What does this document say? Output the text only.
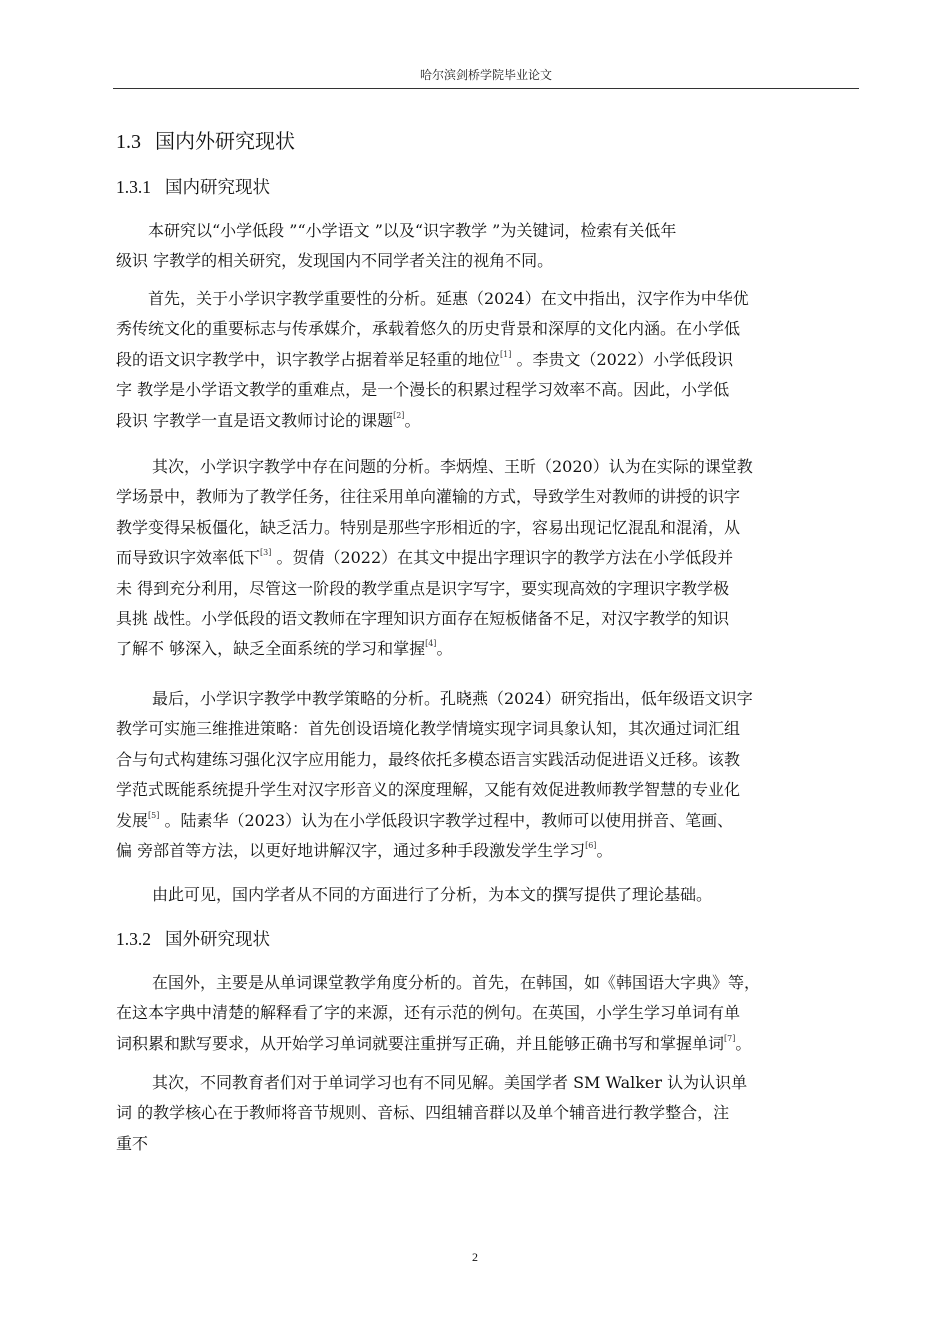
哈尔滨剑桥学院毕业论文
1.3 国内外研究现状
1.3.1 国内研究现状
本研究以“小学低段 ”“小学语文 ”以及“识字教学 ”为关键词，检索有关低年
级识 字教学的相关研究，发现国内不同学者关注的视角不同。
首先，关于小学识字教学重要性的分析。延惠（2024）在文中指出，汉字作为中华优
秀传统文化的重要标志与传承媒介，承载着悠久的历史背景和深厚的文化内涵。在小学低
段的语文识字教学中，识字教学占据着举足轻重的地位[1] 。李贵文（2022）小学低段识
字 教学是小学语文教学的重难点，是一个漫长的积累过程学习效率不高。因此，小学低
段识 字教学一直是语文教师讨论的课题[2]。
其次，小学识字教学中存在问题的分析。李炳煌、王昕（2020）认为在实际的课堂教
学场景中，教师为了教学任务，往往采用单向灌输的方式，导致学生对教师的讲授的识字
教学变得呆板僵化，缺乏活力。特别是那些字形相近的字，容易出现记忆混乱和混淆，从
而导致识字效率低下[3] 。贺倩（2022）在其文中提出字理识字的教学方法在小学低段并
未 得到充分利用，尽管这一阶段的教学重点是识字写字，要实现高效的字理识字教学极
具挑 战性。小学低段的语文教师在字理知识方面存在短板储备不足，对汉字教学的知识
了解不 够深入，缺乏全面系统的学习和掌握[4]。
最后，小学识字教学中教学策略的分析。孔晓燕（2024）研究指出，低年级语文识字
教学可实施三维推进策略：首先创设语境化教学情境实现字词具象认知，其次通过词汇组
合与句式构建练习强化汉字应用能力，最终依托多模态语言实践活动促进语义迁移。该教
学范式既能系统提升学生对汉字形音义的深度理解，又能有效促进教师教学智慧的专业化
发展[5] 。陆素华（2023）认为在小学低段识字教学过程中，教师可以使用拼音、笔画、
偏 旁部首等方法，以更好地讲解汉字，通过多种手段激发学生学习[6]。
由此可见，国内学者从不同的方面进行了分析，为本文的撰写提供了理论基础。
1.3.2 国外研究现状
在国外，主要是从单词课堂教学角度分析的。首先，在韩国，如《韩国语大字典》等，
在这本字典中清楚的解释看了字的来源，还有示范的例句。在英国，小学生学习单词有单
词积累和默写要求，从开始学习单词就要注重拼写正确，并且能够正确书写和掌握单词[7]。
其次，不同教育者们对于单词学习也有不同见解。美国学者 SM Walker 认为认识单
词 的教学核心在于教师将音节规则、音标、四组辅音群以及单个辅音进行教学整合，注
重不
2
